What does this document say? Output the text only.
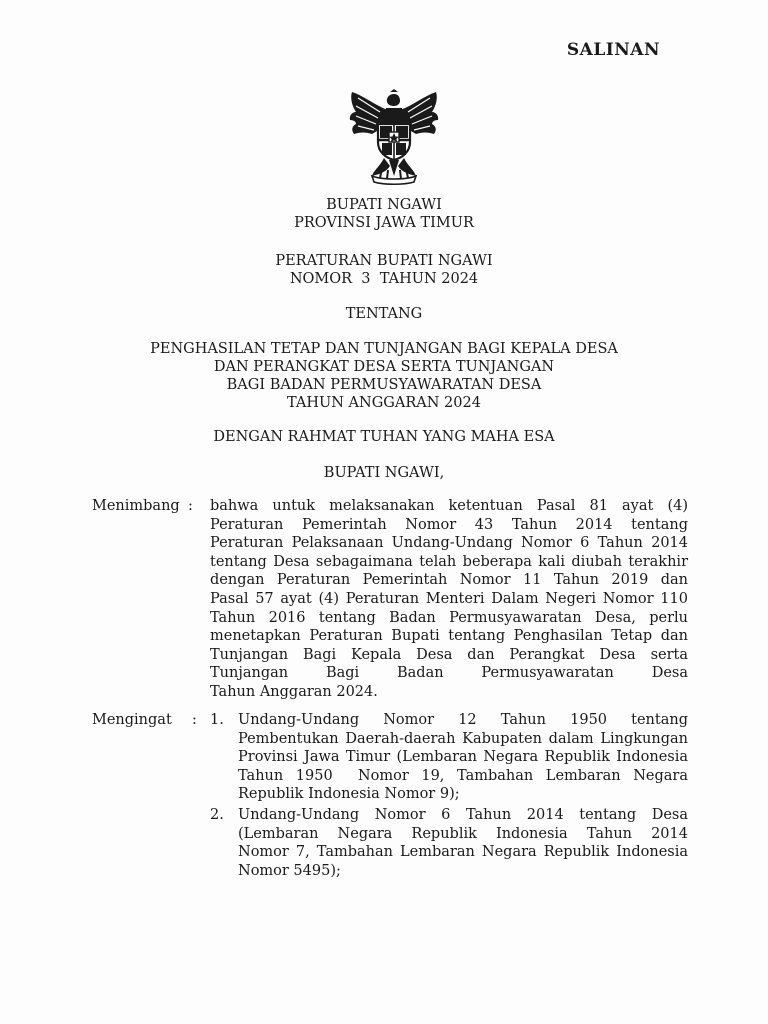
SALINAN
BUPATI NGAWI
PROVINSI JAWA TIMUR
PERATURAN BUPATI NGAWI
NOMOR  3  TAHUN 2024
TENTANG
PENGHASILAN TETAP DAN TUNJANGAN BAGI KEPALA DESA
DAN PERANGKAT DESA SERTA TUNJANGAN
BAGI BADAN PERMUSYAWARATAN DESA
TAHUN ANGGARAN 2024
DENGAN RAHMAT TUHAN YANG MAHA ESA
BUPATI NGAWI,
Menimbang : bahwa untuk melaksanakan ketentuan Pasal 81 ayat (4)
Peraturan Pemerintah Nomor 43 Tahun 2014 tentang
Peraturan Pelaksanaan Undang-Undang Nomor 6 Tahun 2014
tentang Desa sebagaimana telah beberapa kali diubah terakhir
dengan Peraturan Pemerintah Nomor 11 Tahun 2019 dan
Pasal 57 ayat (4) Peraturan Menteri Dalam Negeri Nomor 110
Tahun 2016 tentang Badan Permusyawaratan Desa, perlu
menetapkan Peraturan Bupati tentang Penghasilan Tetap dan
Tunjangan Bagi Kepala Desa dan Perangkat Desa serta
Tunjangan Bagi Badan Permusyawaratan Desa
Tahun Anggaran 2024.
Mengingat : 1. Undang-Undang Nomor 12 Tahun 1950 tentang
Pembentukan Daerah-daerah Kabupaten dalam Lingkungan
Provinsi Jawa Timur (Lembaran Negara Republik Indonesia
Tahun 1950  Nomor 19, Tambahan Lembaran Negara
Republik Indonesia Nomor 9);
2. Undang-Undang Nomor 6 Tahun 2014 tentang Desa
(Lembaran Negara Republik Indonesia Tahun 2014
Nomor 7, Tambahan Lembaran Negara Republik Indonesia
Nomor 5495);
